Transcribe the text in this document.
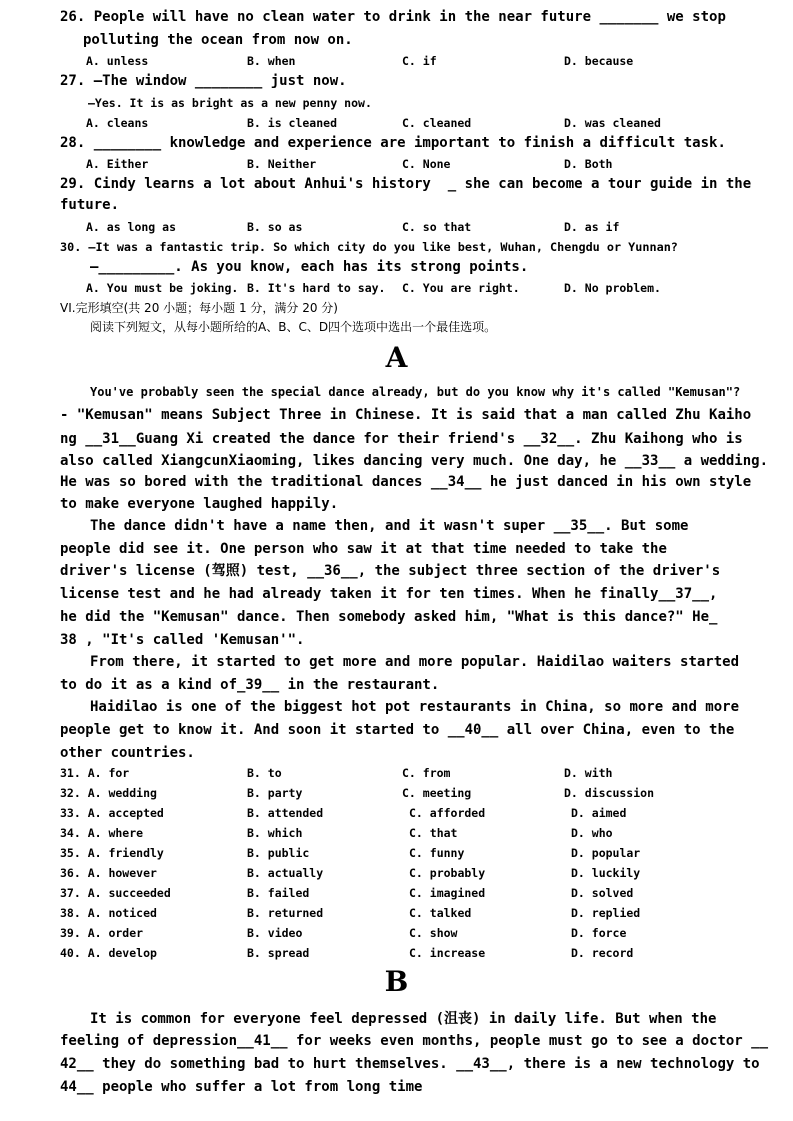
26. People will have no clean water to drink in the near future _______ we stop
polluting the ocean from now on.
A. unless	B. when	C. if	D. because
27. —The window ________ just now.
—Yes. It is as bright as a new penny now.
A. cleans	B. is cleaned	C. cleaned	D. was cleaned
28. ________ knowledge and experience are important to finish a difficult task.
A. Either	B. Neither	C. None	D. Both
29. Cindy learns a lot about Anhui's history  _ she can become a tour guide in the
future.
A. as long as	B. so as	C. so that	D. as if
30. —It was a fantastic trip. So which city do you like best, Wuhan, Chengdu or Yunnan?
—_________. As you know, each has its strong points.
A. You must be joking. B. It's hard to say. C. You are right.	D. No problem.
VI.完形填空(共 20 小题；每小题 1 分，满分 20 分)
阅读下列短文，从每小题所给的A、B、C、D四个选项中选出一个最佳选项。
A
You've probably seen the special dance already, but do you know why it's called "Kemusan"?
- "Kemusan" means Subject Three in Chinese. It is said that a man called Zhu Kaiho
ng __31__Guang Xi created the dance for their friend's __32__. Zhu Kaihong who is
also called XiangcunXiaoming, likes dancing very much. One day, he __33__ a wedding.
He was so bored with the traditional dances __34__ he just danced in his own style
to make everyone laughed happily.
The dance didn't have a name then, and it wasn't super __35__. But some
people did see it. One person who saw it at that time needed to take the
driver's license (驾照) test, __36__, the subject three section of the driver's
license test and he had already taken it for ten times. When he finally__37__,
he did the "Kemusan" dance. Then somebody asked him, "What is this dance?" He_
38 , "It's called 'Kemusan'".
From there, it started to get more and more popular. Haidilao waiters started
to do it as a kind of_39__ in the restaurant.
Haidilao is one of the biggest hot pot restaurants in China, so more and more
people get to know it. And soon it started to __40__ all over China, even to the
other countries.
31. A. for	B. to	C. from	D. with
32. A. wedding	B. party	C. meeting	D. discussion
33. A. accepted	B. attended	C. afforded	D. aimed
34. A. where	B. which	C. that	D. who
35. A. friendly	B. public	C. funny	D. popular
36. A. however	B. actually	C. probably	D. luckily
37. A. succeeded	B. failed	C. imagined	D. solved
38. A. noticed	B. returned	C. talked	D. replied
39. A. order	B. video	C. show	D. force
40. A. develop	B. spread	C. increase	D. record
B
It is common for everyone feel depressed (沮丧) in daily life. But when the
feeling of depression__41__ for weeks even months, people must go to see a doctor __
42__ they do something bad to hurt themselves. __43__, there is a new technology to
44__ people who suffer a lot from long time
